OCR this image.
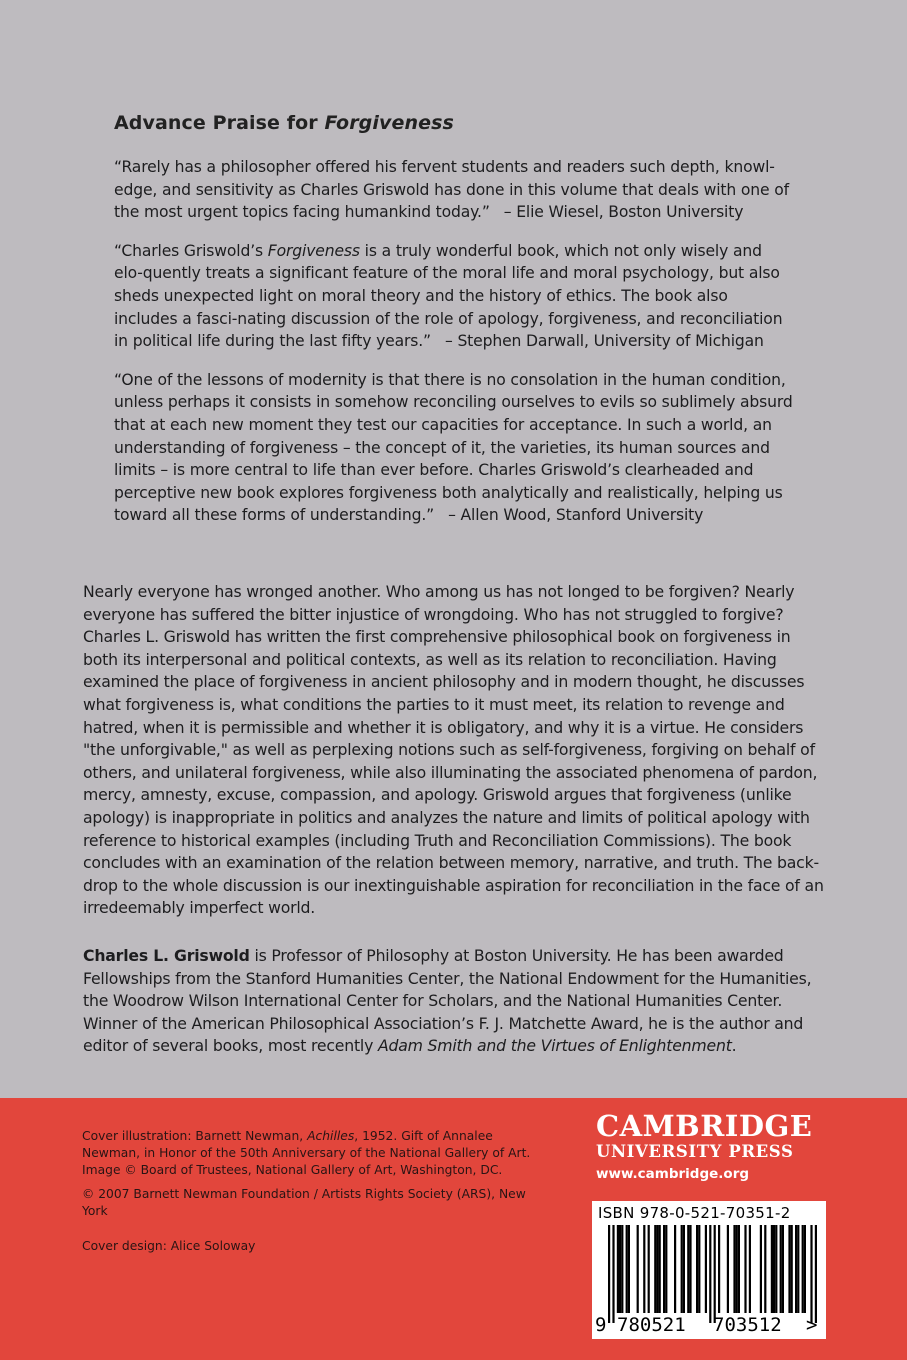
Advance Praise for Forgiveness

“Rarely has a philosopher offered his fervent students and readers such depth, knowl-edge, and sensitivity as Charles Griswold has done in this volume that deals with one of the most urgent topics facing humankind today.” – Elie Wiesel, Boston University

“Charles Griswold’s Forgiveness is a truly wonderful book, which not only wisely and elo-quently treats a significant feature of the moral life and moral psychology, but also sheds unexpected light on moral theory and the history of ethics. The book also includes a fasci-nating discussion of the role of apology, forgiveness, and reconciliation in political life during the last fifty years.” – Stephen Darwall, University of Michigan

“One of the lessons of modernity is that there is no consolation in the human condition, unless perhaps it consists in somehow reconciling ourselves to evils so sublimely absurd that at each new moment they test our capacities for acceptance. In such a world, an understanding of forgiveness – the concept of it, the varieties, its human sources and limits – is more central to life than ever before. Charles Griswold’s clearheaded and perceptive new book explores forgiveness both analytically and realistically, helping us toward all these forms of understanding.” – Allen Wood, Stanford University

Nearly everyone has wronged another. Who among us has not longed to be forgiven? Nearly everyone has suffered the bitter injustice of wrongdoing. Who has not struggled to forgive? Charles L. Griswold has written the first comprehensive philosophical book on forgiveness in both its interpersonal and political contexts, as well as its relation to reconciliation. Having examined the place of forgiveness in ancient philosophy and in modern thought, he discusses what forgiveness is, what conditions the parties to it must meet, its relation to revenge and hatred, when it is permissible and whether it is obligatory, and why it is a virtue. He considers "the unforgivable," as well as perplexing notions such as self-forgiveness, forgiving on behalf of others, and unilateral forgiveness, while also illuminating the associated phenomena of pardon, mercy, amnesty, excuse, compassion, and apology. Griswold argues that forgiveness (unlike apology) is inappropriate in politics and analyzes the nature and limits of political apology with reference to historical examples (including Truth and Reconciliation Commissions). The book concludes with an examination of the relation between memory, narrative, and truth. The back-drop to the whole discussion is our inextinguishable aspiration for reconciliation in the face of an irredeemably imperfect world.

Charles L. Griswold is Professor of Philosophy at Boston University. He has been awarded Fellowships from the Stanford Humanities Center, the National Endowment for the Humanities, the Woodrow Wilson International Center for Scholars, and the National Humanities Center. Winner of the American Philosophical Association’s F. J. Matchette Award, he is the author and editor of several books, most recently Adam Smith and the Virtues of Enlightenment.

Cover illustration: Barnett Newman, Achilles, 1952. Gift of Annalee Newman, in Honor of the 50th Anniversary of the National Gallery of Art. Image © Board of Trustees, National Gallery of Art, Washington, DC.

© 2007 Barnett Newman Foundation / Artists Rights Society (ARS), New York

Cover design: Alice Soloway

CAMBRIDGE
UNIVERSITY PRESS
www.cambridge.org
ISBN 978-0-521-70351-2
9 780521 703512 >
